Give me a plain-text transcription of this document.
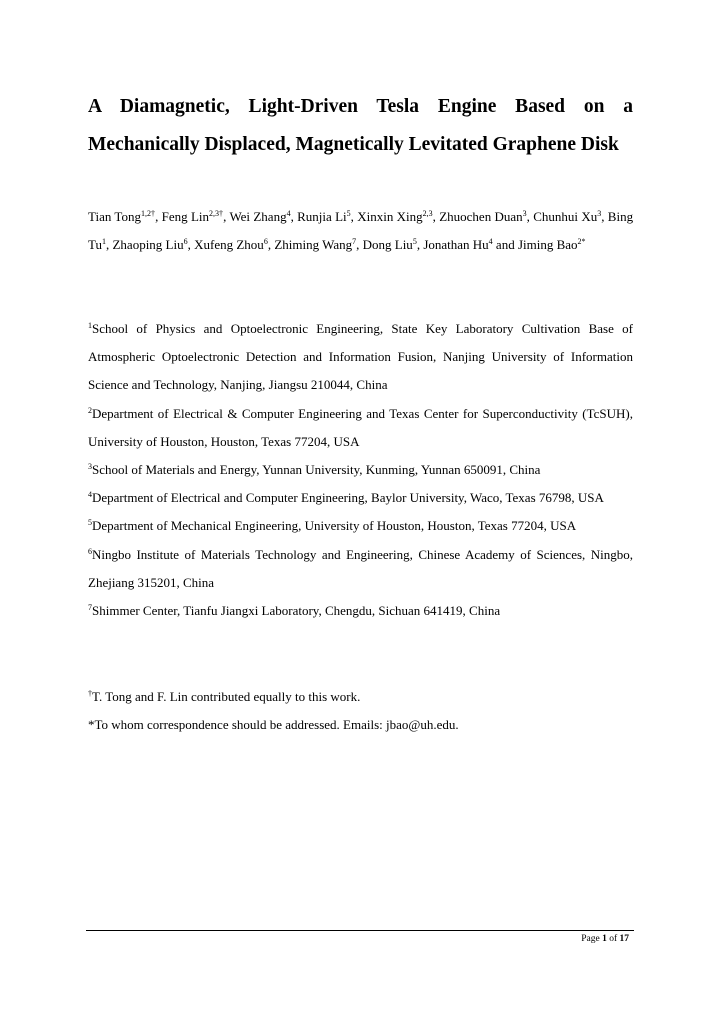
A Diamagnetic, Light-Driven Tesla Engine Based on a
Mechanically Displaced, Magnetically Levitated Graphene Disk

Tian Tong$^{1,2\dagger}$, Feng Lin$^{2,3\dagger}$, Wei Zhang$^4$, Runjia Li$^5$, Xinxin Xing$^{2,3}$, Zhuochen Duan$^3$, Chunhui Xu$^3$, Bing Tu$^1$, Zhaoping Liu$^6$, Xufeng Zhou$^6$, Zhiming Wang$^7$, Dong Liu$^5$, Jonathan Hu$^4$ and Jiming Bao$^{2*}$

$^1$School of Physics and Optoelectronic Engineering, State Key Laboratory Cultivation Base of Atmospheric Optoelectronic Detection and Information Fusion, Nanjing University of Information Science and Technology, Nanjing, Jiangsu 210044, China
$^2$Department of Electrical & Computer Engineering and Texas Center for Superconductivity (TcSUH), University of Houston, Houston, Texas 77204, USA
$^3$School of Materials and Energy, Yunnan University, Kunming, Yunnan 650091, China
$^4$Department of Electrical and Computer Engineering, Baylor University, Waco, Texas 76798, USA
$^5$Department of Mechanical Engineering, University of Houston, Houston, Texas 77204, USA
$^6$Ningbo Institute of Materials Technology and Engineering, Chinese Academy of Sciences, Ningbo, Zhejiang 315201, China
$^7$Shimmer Center, Tianfu Jiangxi Laboratory, Chengdu, Sichuan 641419, China
†T. Tong and F. Lin contributed equally to this work.
*To whom correspondence should be addressed. Emails: jbao@uh.edu.
Page 1 of 17
